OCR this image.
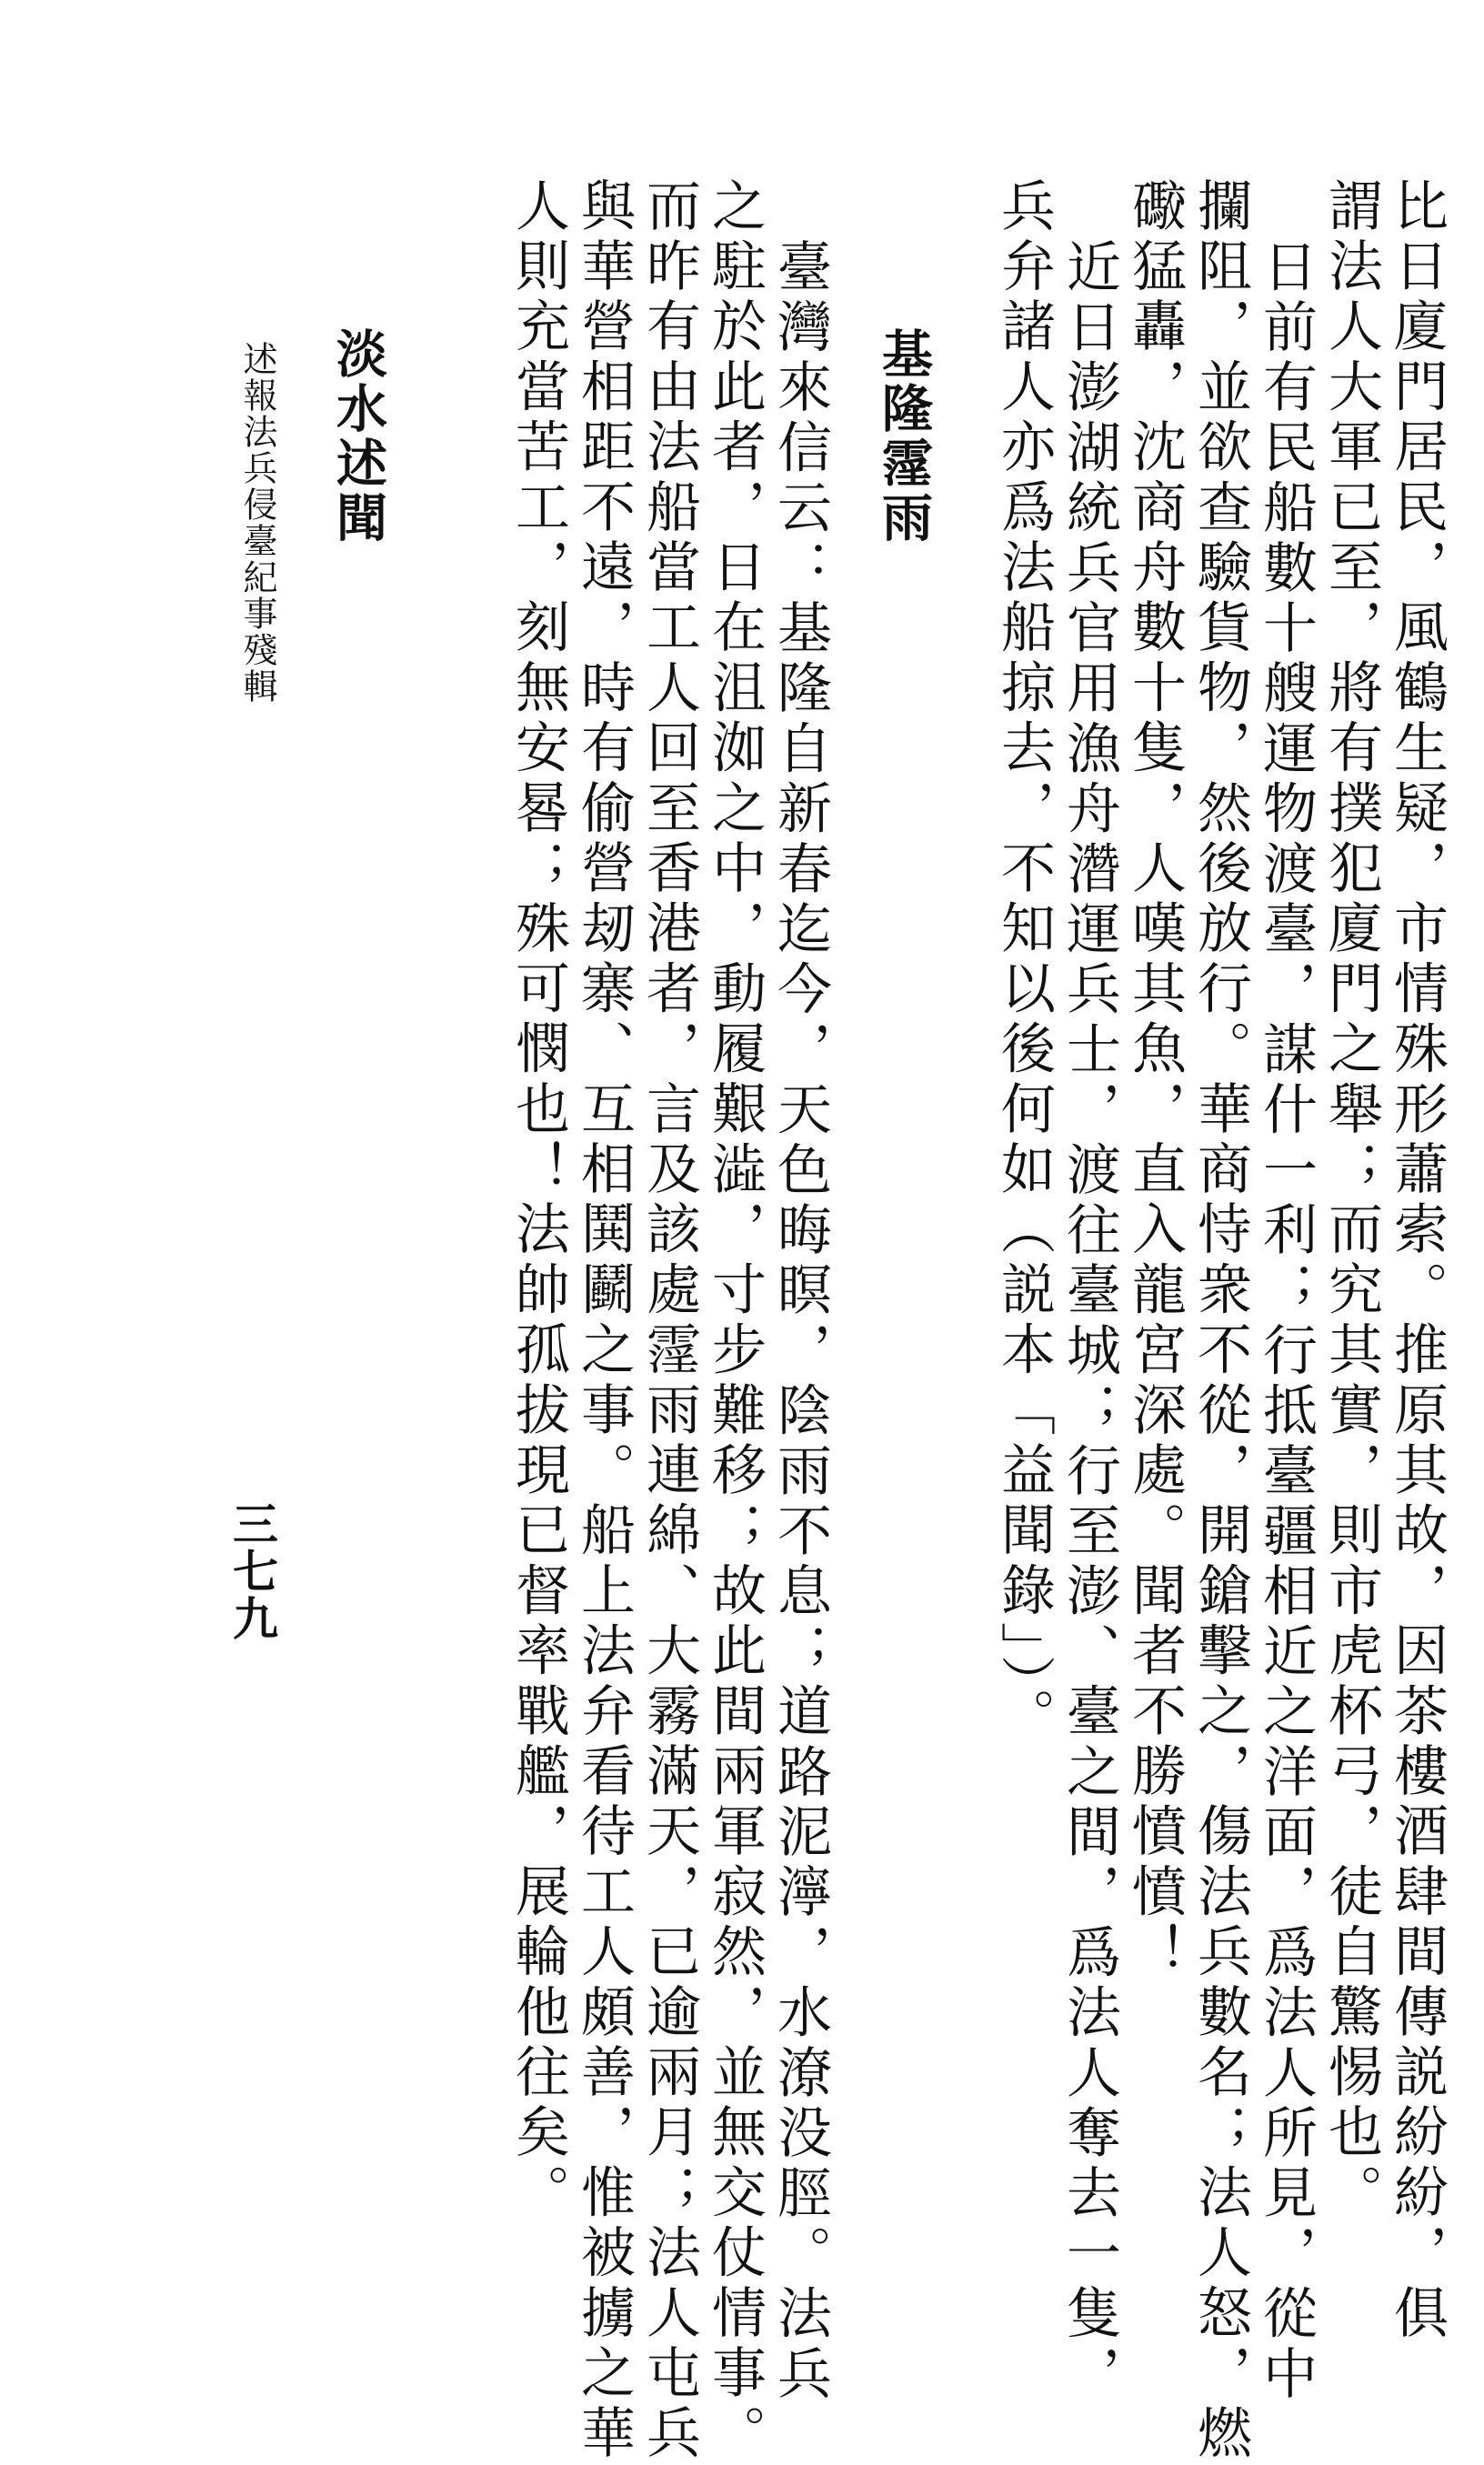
比日廈門居民，風鶴生疑，市情殊形蕭索。推原其故，因茶樓酒肆間傳説紛紛，俱
謂法人大軍已至，將有撲犯廈門之舉；而究其實，則市虎杯弓，徒自驚惕也。
日前有民船數十艘運物渡臺，謀什一利；行抵臺疆相近之洋面，爲法人所見，從中
攔阻，並欲查驗貨物，然後放行。華商恃衆不從，開鎗擊之，傷法兵數名；法人怒，燃
礮猛轟，沈商舟數十隻，人嘆其魚，直入龍宮深處。聞者不勝憤憤！
近日澎湖統兵官用漁舟濳運兵士，渡往臺城；行至澎、臺之間，爲法人奪去一隻，
兵弁諸人亦爲法船掠去，不知以後何如（説本「益聞錄」）。
基隆霪雨
臺灣來信云：基隆自新春迄今，天色晦瞑，陰雨不息；道路泥濘，水潦没脛。法兵
之駐於此者，日在沮洳之中，動履艱澁，寸步難移；故此間兩軍寂然，並無交仗情事。
而昨有由法船當工人回至香港者，言及該處霪雨連綿、大霧滿天，已逾兩月；法人屯兵
與華營相距不遠，時有偷營刼寨、互相鬨鬬之事。船上法弁看待工人頗善，惟被擄之華
人則充當苦工，刻無安晷；殊可憫也！法帥孤拔現已督率戰艦，展輪他往矣。
淡水述聞
述報法兵侵臺紀事殘輯
三七九
